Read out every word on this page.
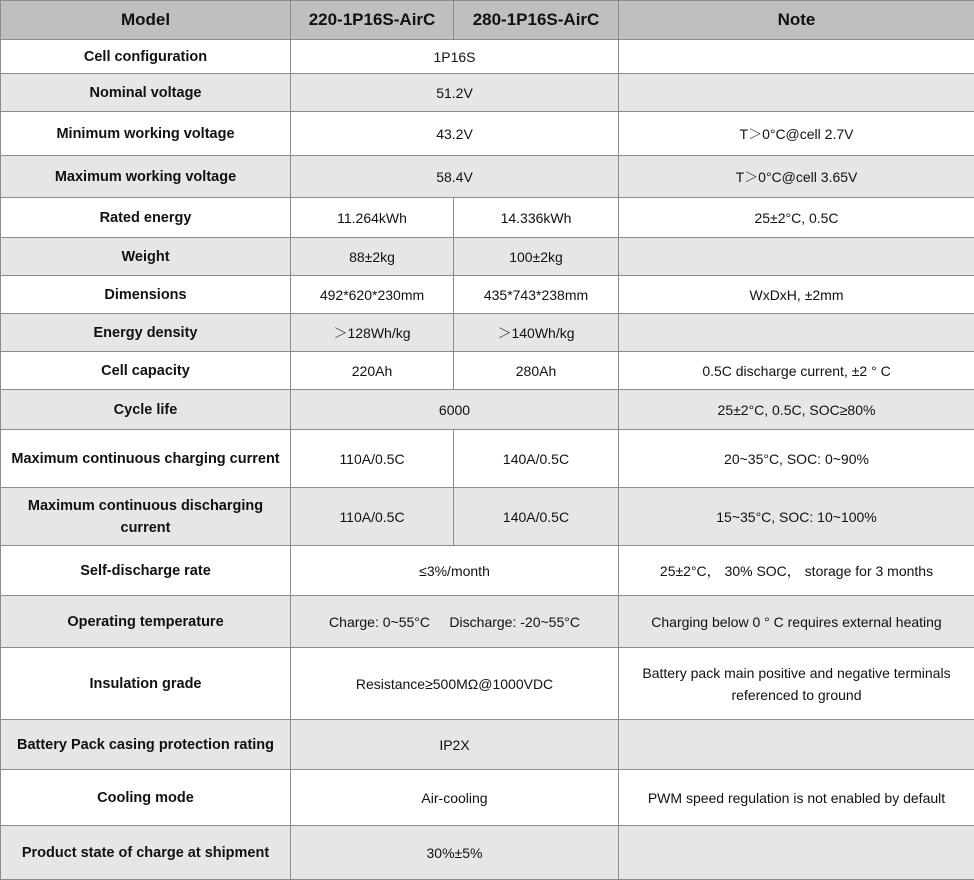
Model	220-1P16S-AirC	280-1P16S-AirC	Note
Cell configuration	1P16S		
Nominal voltage	51.2V		
Minimum working voltage	43.2V		T＞0°C@cell 2.7V
Maximum working voltage	58.4V		T＞0°C@cell 3.65V
Rated energy	11.264kWh	14.336kWh	25±2°C, 0.5C
Weight	88±2kg	100±2kg	
Dimensions	492*620*230mm	435*743*238mm	WxDxH, ±2mm
Energy density	＞128Wh/kg	＞140Wh/kg	
Cell capacity	220Ah	280Ah	0.5C discharge current, ±2 ° C
Cycle life	6000		25±2°C, 0.5C, SOC≥80%
Maximum continuous charging current	110A/0.5C	140A/0.5C	20~35°C, SOC: 0~90%
Maximum continuous discharging current	110A/0.5C	140A/0.5C	15~35°C, SOC: 10~100%
Self-discharge rate	≤3%/month		25±2°C， 30% SOC， storage for 3 months
Operating temperature	Charge: 0~55°C     Discharge: -20~55°C		Charging below 0 ° C requires external heating
Insulation grade	Resistance≥500MΩ@1000VDC		Battery pack main positive and negative terminals referenced to ground
Battery Pack casing protection rating	IP2X		
Cooling mode	Air-cooling		PWM speed regulation is not enabled by default
Product state of charge at shipment	30%±5%		
